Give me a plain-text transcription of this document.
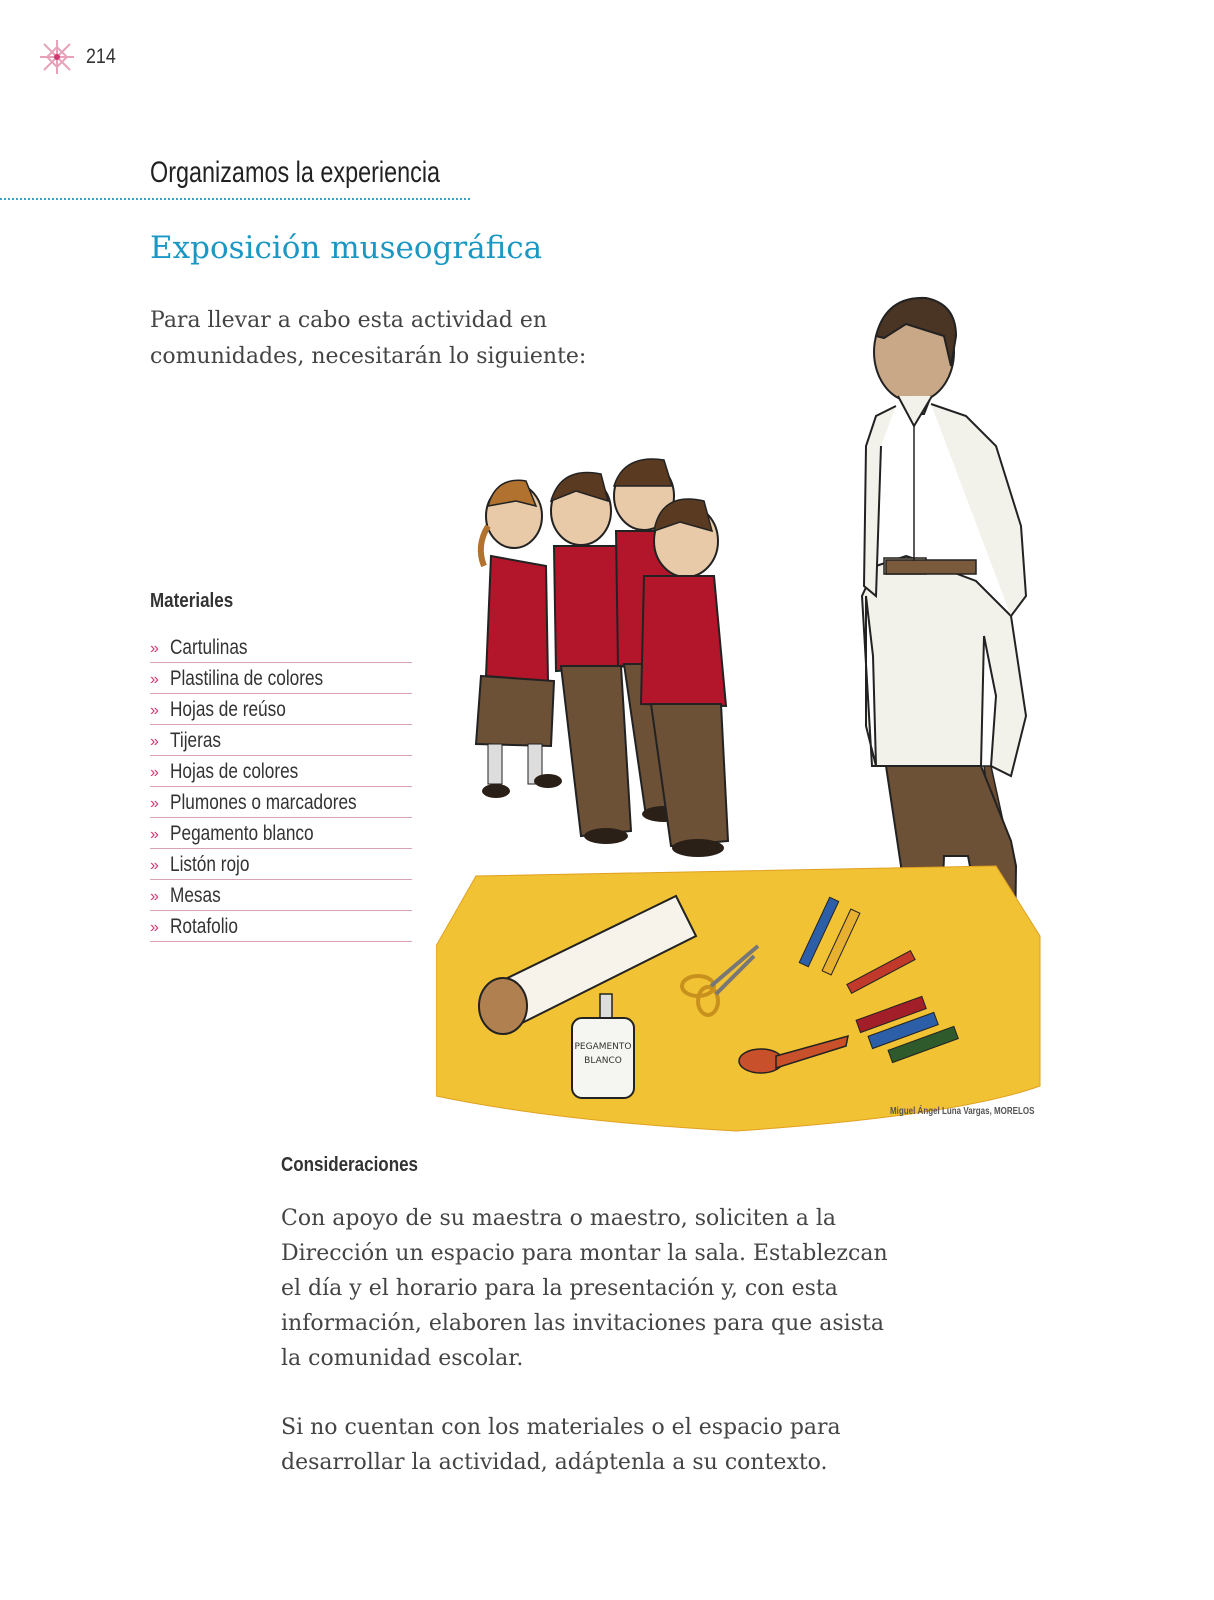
214
Organizamos la experiencia
Exposición museográfica

Para llevar a cabo esta actividad en comunidades, necesitarán lo siguiente:

Materiales
» Cartulinas
» Plastilina de colores
» Hojas de reúso
» Tijeras
» Hojas de colores
» Plumones o marcadores
» Pegamento blanco
» Listón rojo
» Mesas
» Rotafolio
PEGAMENTO
BLANCO
Miguel Ángel Luna Vargas, MORELOS
Consideraciones

Con apoyo de su maestra o maestro, soliciten a la Dirección un espacio para montar la sala. Establezcan el día y el horario para la presentación y, con esta información, elaboren las invitaciones para que asista la comunidad escolar.

Si no cuentan con los materiales o el espacio para desarrollar la actividad, adáptenla a su contexto.
